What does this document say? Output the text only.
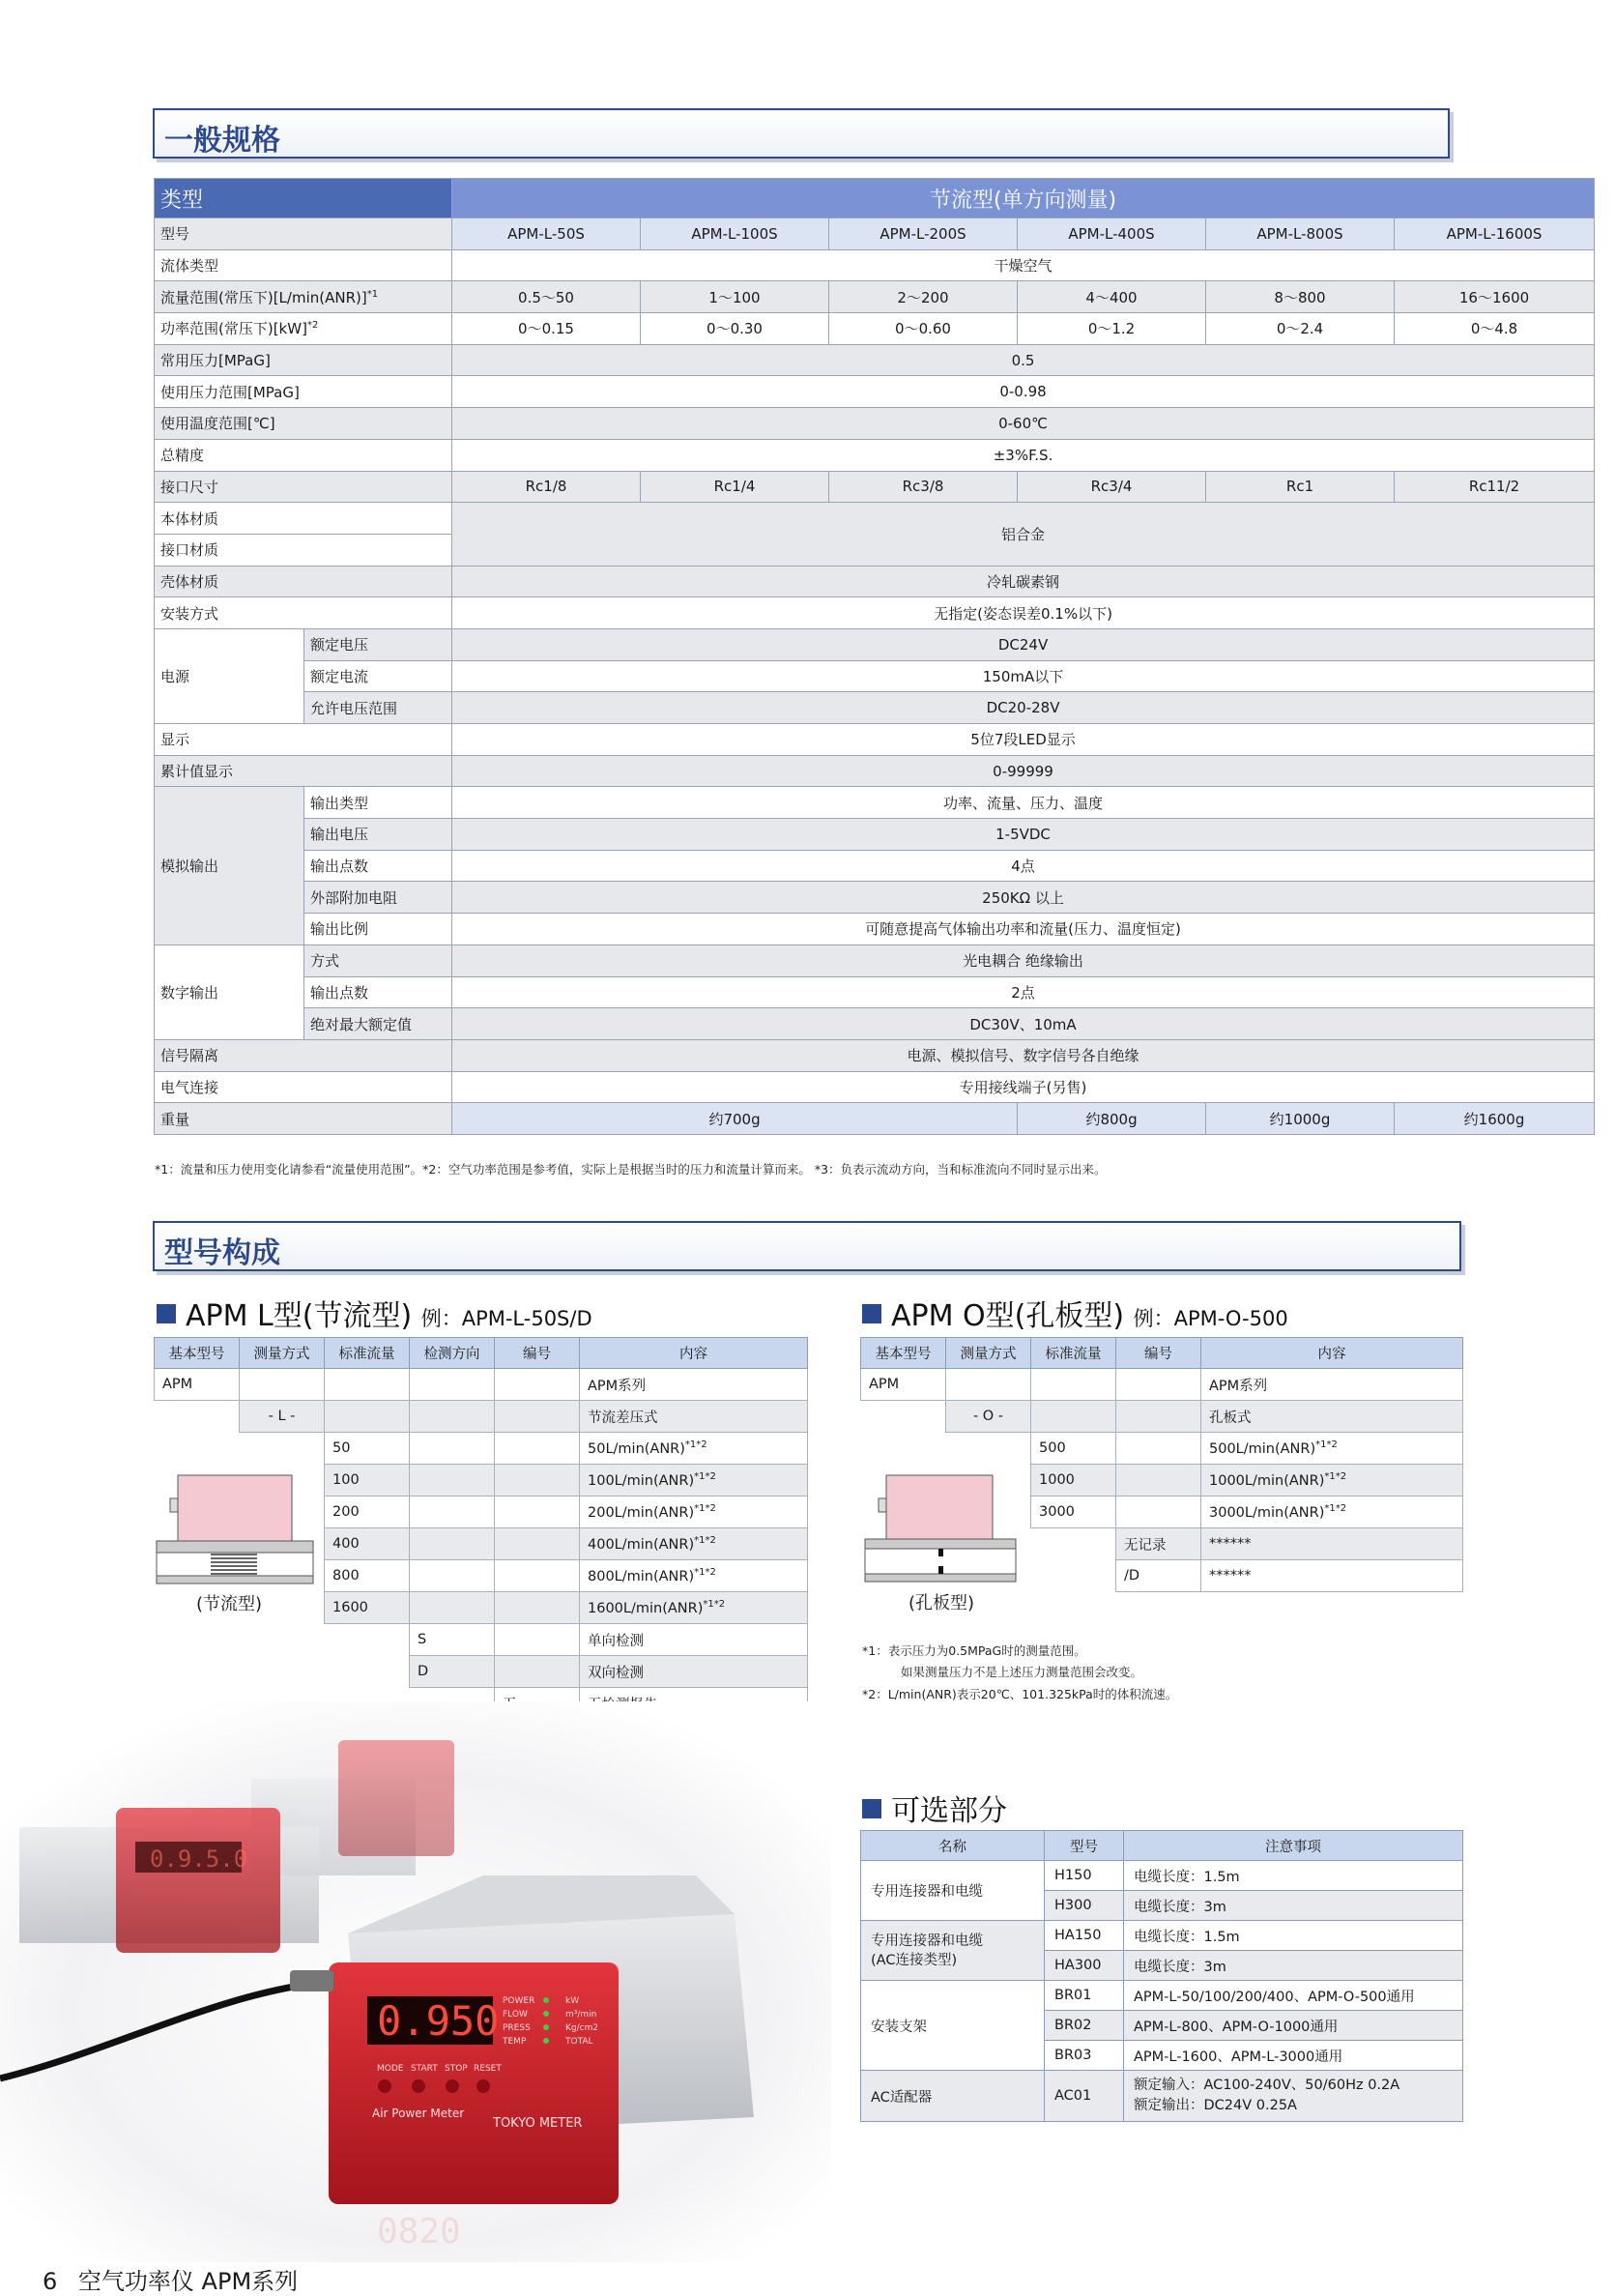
一般规格
类型		节流型(单方向测量)					
型号		APM-L-50S	APM-L-100S	APM-L-200S	APM-L-400S	APM-L-800S	APM-L-1600S
流体类型		干燥空气					
流量范围(常压下)$[L/\min(ANR)]^{*1}$		0.5～50	1～100	2～200	4～400	8～800	16～1600
功率范围(常压下)[kW]$^{*2}$		0～0.15	0～0.30	0～0.60	0～1.2	0～2.4	0～4.8
常用压力[MPaG]		0.5					
使用压力范围[MPaG]		0-0.98					
使用温度范围[℃]		0-60℃					
总精度		±3%F.S.					
接口尺寸		Rc1/8	Rc1/4	Rc3/8	Rc3/4	Rc1	Rc11/2
本体材质		铝合金					
接口材质							
壳体材质		冷轧碳素钢					
安装方式		无指定(姿态误差0.1%以下)					
电源	额定电压	DC24V					
	额定电流	150mA以下					
	允许电压范围	DC20-28V					
显示		5位7段LED显示					
累计值显示		0-99999					
模拟输出	输出类型	功率、流量、压力、温度					
	输出电压	1-5VDC					
	输出点数	4点					
	外部附加电阻	250KΩ 以上					
	输出比例	可随意提高气体输出功率和流量(压力、温度恒定)					
数字输出	方式	光电耦合 绝缘输出					
	输出点数	2点					
	绝对最大额定值	DC30V、10mA					
信号隔离		电源、模拟信号、数字信号各自绝缘					
电气连接		专用接线端子(另售)					
重量		约700g			约800g	约1000g	约1600g
*1：流量和压力使用变化请参看“流量使用范围”。*2：空气功率范围是参考值，实际上是根据当时的压力和流量计算而来。 *3：负表示流动方向，当和标准流向不同时显示出来。
型号构成
APM L型(节流型) 例：APM-L-50S/D
基本型号	测量方式	标准流量	检测方向	编号	内容
APM					APM系列
	- L -				节流差压式
		50			50L/min(ANR)$^{*1*2}$
		100			100L/min(ANR)$^{*1*2}$
		200			200L/min(ANR)$^{*1*2}$
		400			400L/min(ANR)$^{*1*2}$
		800			800L/min(ANR)$^{*1*2}$
		1600			1600L/min(ANR)$^{*1*2}$
			S		单向检测
			D		双向检测

(节流型)
APM O型(孔板型) 例：APM-O-500
基本型号	测量方式	标准流量	编号	内容
APM				APM系列
	- O -			孔板式
		500		500L/min(ANR)$^{*1*2}$
		1000		1000L/min(ANR)$^{*1*2}$
		3000		3000L/min(ANR)$^{*1*2}$
			无记录	******
			/D	******
(孔板型)
*1：表示压力为0.5MPaG时的测量范围。
如果测量压力不是上述压力测量范围会改变。
*2：L/min(ANR)表示20℃、101.325kPa时的体积流速。
可选部分
名称	型号	注意事项
专用连接器和电缆	H150	电缆长度：1.5m
	H300	电缆长度：3m
专用连接器和电缆
(AC连接类型)	HA150	电缆长度：1.5m
	HA300	电缆长度：3m
安装支架	BR01	APM-L-50/100/200/400、APM-O-500通用
	BR02	APM-L-800、APM-O-1000通用
	BR03	APM-L-1600、APM-L-3000通用
AC适配器	AC01	额定输入：AC100-240V、50/60Hz 0.2A
额定输出：DC24V 0.25A
0.950 POWER
FLOW
PRESS
TEMP
kW
m³/min
Kg/cm2
TOTAL
MODE START STOP RESET
Air Power Meter
TOKYO METER
0.9.5.0
0820
6 空气功率仪 APM系列
